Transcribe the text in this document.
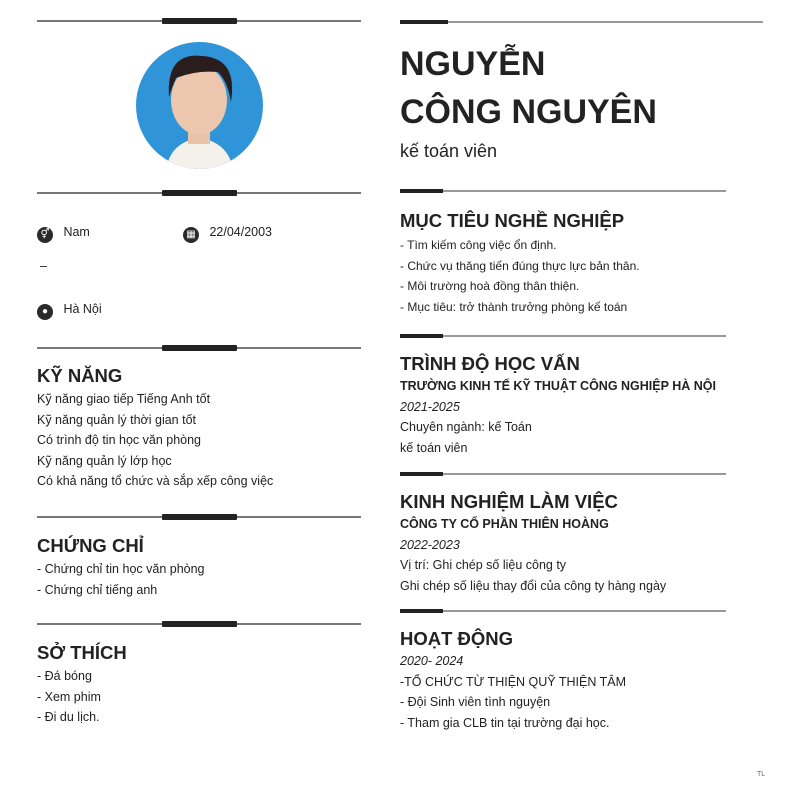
⚥ $^{Nam}$	▦ $^{22/04/2003}$
–
● $^{Hà Nội}$
KỸ NĂNG
Kỹ năng giao tiếp Tiếng Anh tốt
Kỹ năng quản lý thời gian tốt
Có trình độ tin học văn phòng
Kỹ năng quản lý lớp học
Có khả năng tổ chức và sắp xếp công việc
CHỨNG CHỈ
- Chứng chỉ tin học văn phòng
- Chứng chỉ tiếng anh
SỞ THÍCH
- Đá bóng
- Xem phim
- Đi du lịch.
NGUYỄN
CÔNG NGUYÊN
kế toán viên
MỤC TIÊU NGHỀ NGHIỆP
- Tìm kiếm công việc ổn định.
- Chức vụ thăng tiến đúng thực lực bản thân.
- Môi trường hoà đồng thân thiện.
- Mục tiêu: trở thành trưởng phòng kế toán
TRÌNH ĐỘ HỌC VẤN
TRƯỜNG KINH TẾ KỸ THUẬT CÔNG NGHIỆP HÀ NỘI
2021-2025
Chuyên ngành: kế Toán
kế toán viên
KINH NGHIỆM LÀM VIỆC
CÔNG TY CỔ PHẦN THIÊN HOÀNG
2022-2023
Vị trí: Ghi chép số liệu công ty
Ghi chép số liệu thay đổi của công ty hàng ngày
HOẠT ĐỘNG
2020- 2024
-TỔ CHỨC TỪ THIỆN QUỸ THIỆN TÂM
- Đội Sinh viên tình nguyện
- Tham gia CLB tin tại trường đại học.
TL
